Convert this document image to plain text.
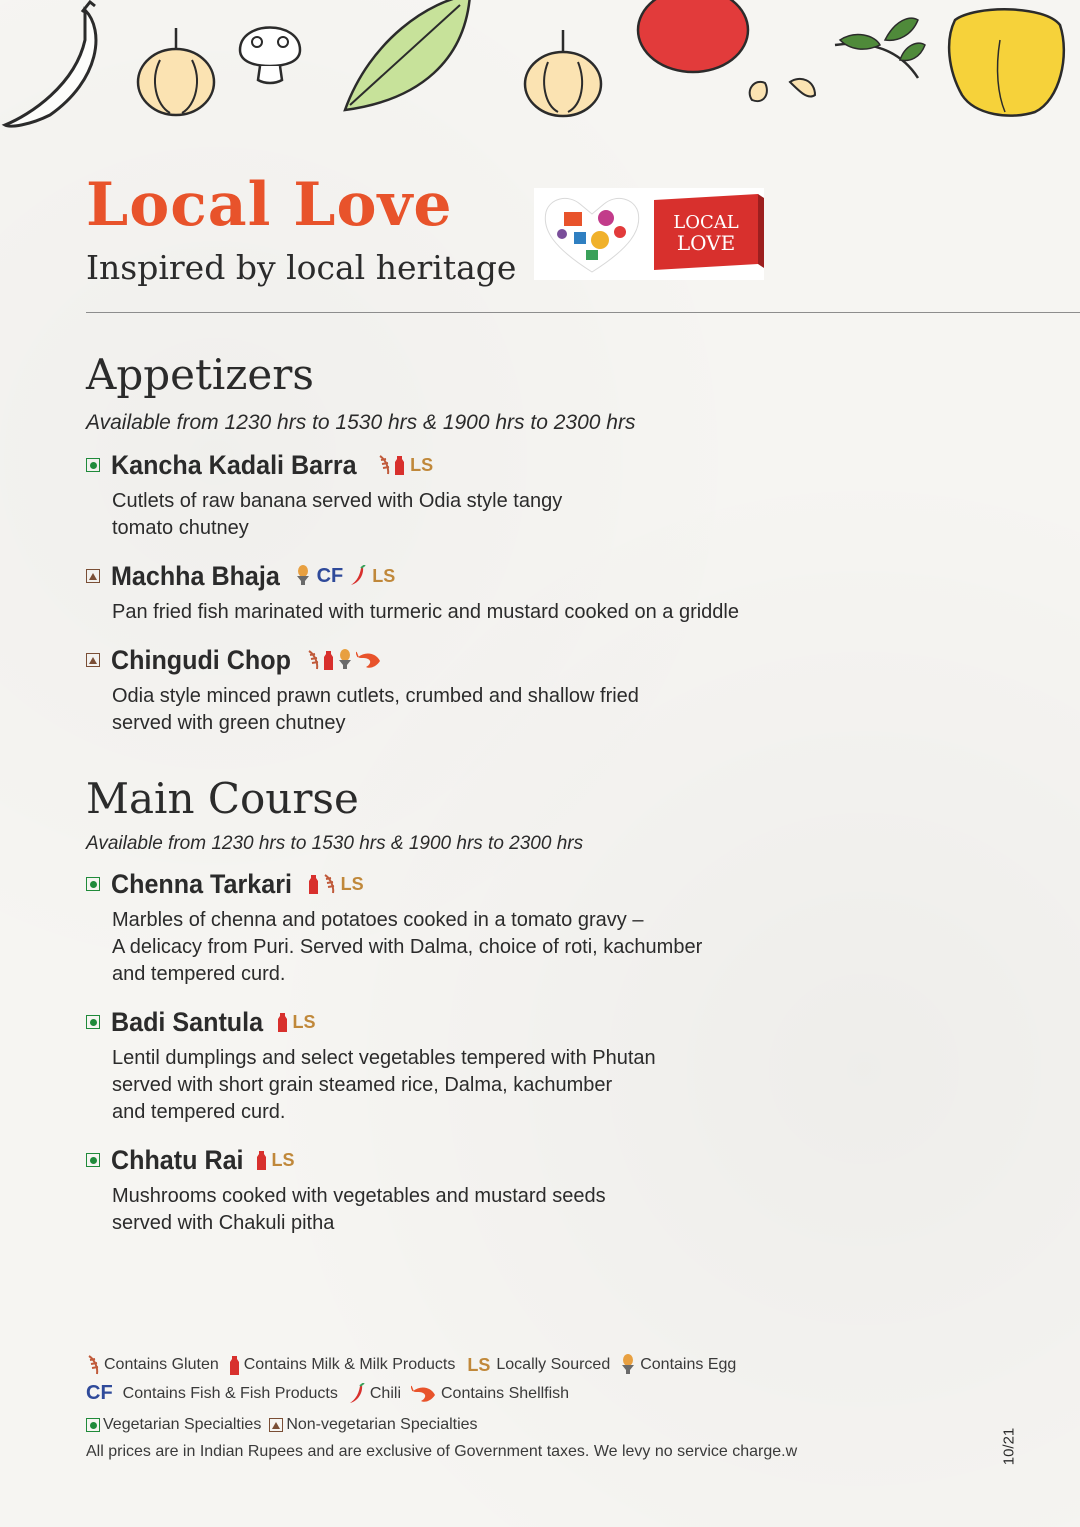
Local Love
Inspired by local heritage
LOCAL
LOVE
Appetizers
Available from 1230 hrs to 1530 hrs & 1900 hrs to 2300 hrs
Kancha Kadali Barra	LS
Cutlets of raw banana served with Odia style tangy
tomato chutney
Machha Bhaja CF LS
Pan fried fish marinated with turmeric and mustard cooked on a griddle
Chingudi Chop
Odia style minced prawn cutlets, crumbed and shallow fried
served with green chutney
Main Course
Available from 1230 hrs to 1530 hrs & 1900 hrs to 2300 hrs
Chenna Tarkari	LS
Marbles of chenna and potatoes cooked in a tomato gravy –
A delicacy from Puri. Served with Dalma, choice of roti, kachumber
and tempered curd.
Badi Santula LS
Lentil dumplings and select vegetables tempered with Phutan
served with short grain steamed rice, Dalma, kachumber
and tempered curd.
Chhatu Rai LS
Mushrooms cooked with vegetables and mustard seeds
served with Chakuli pitha
Contains Gluten Contains Milk & Milk Products LS Locally Sourced Contains Egg
CF Contains Fish & Fish Products Chili	Contains Shellfish
Vegetarian Specialties Non-vegetarian Specialties
All prices are in Indian Rupees and are exclusive of Government taxes. We levy no service charge.w	10/21
